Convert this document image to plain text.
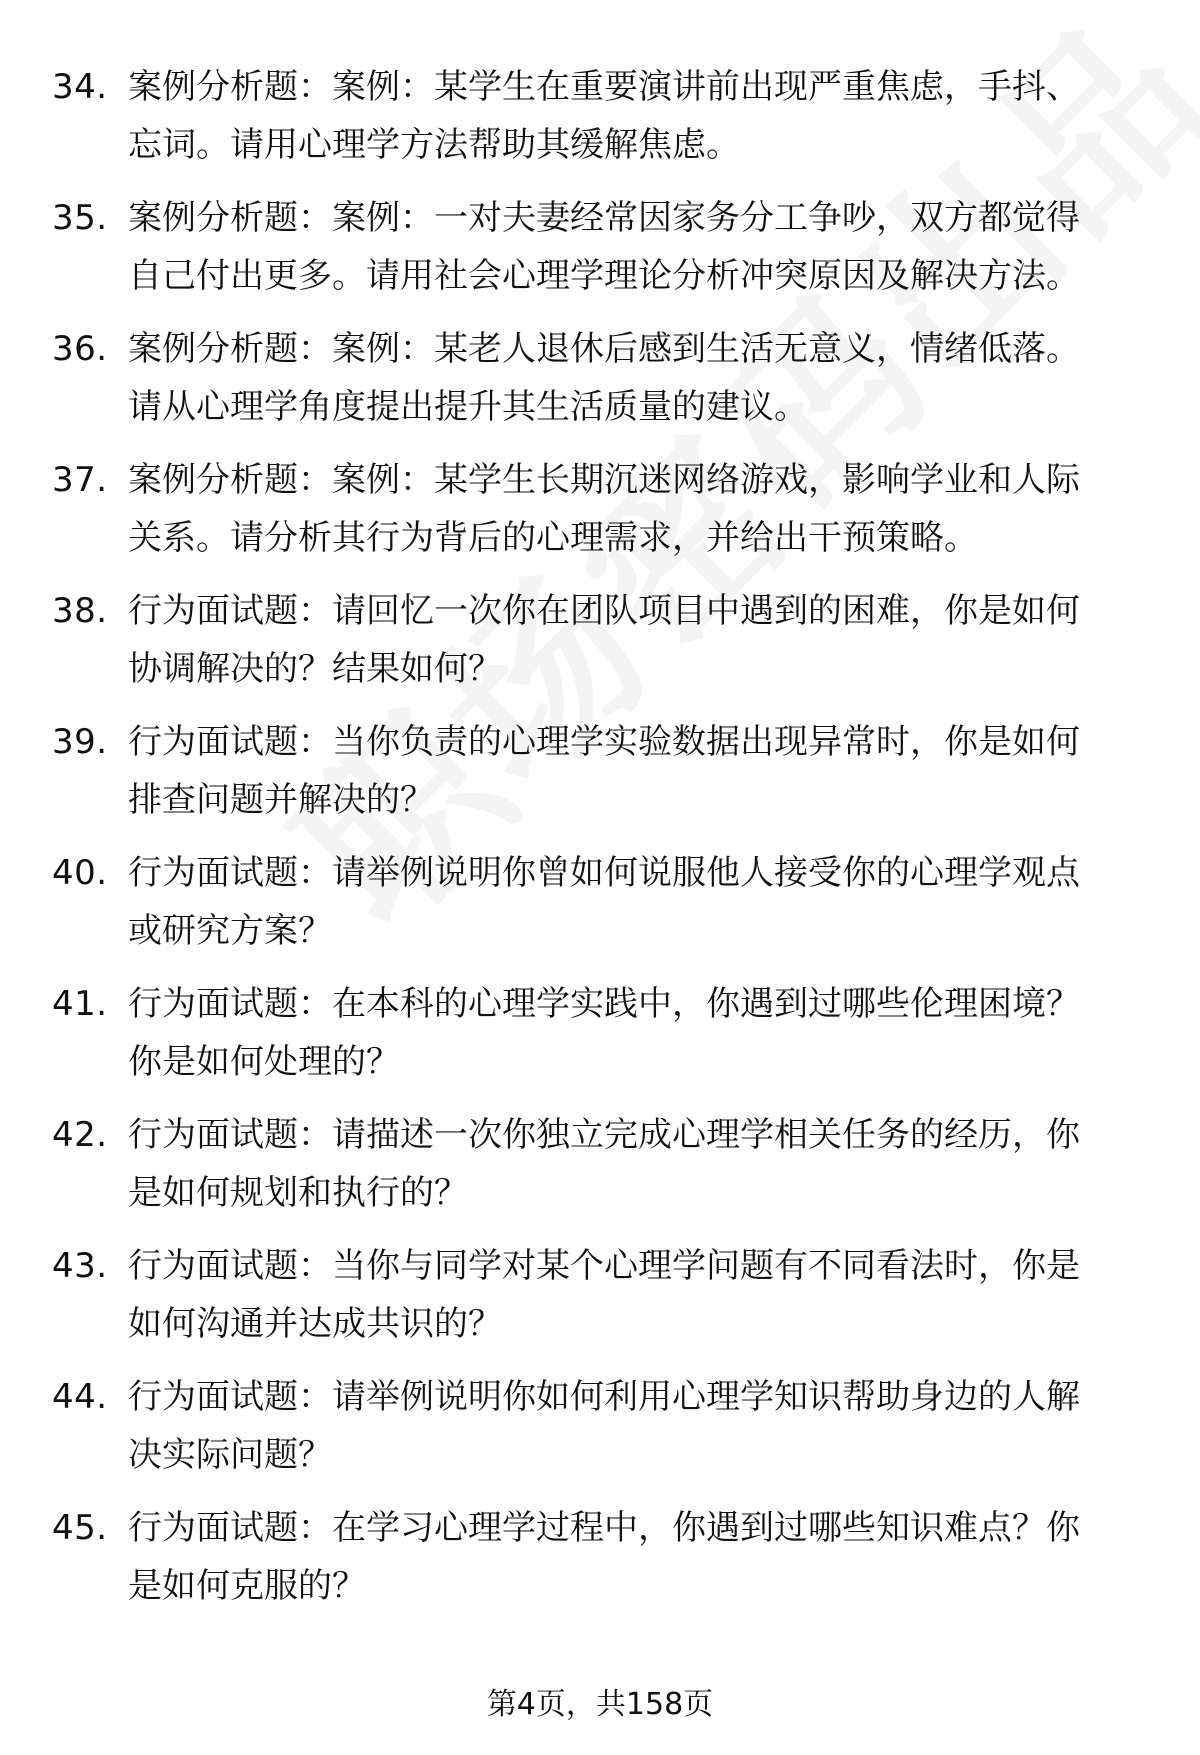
34. 案例分析题：案例：某学生在重要演讲前出现严重焦虑，手抖、
忘词。请用心理学方法帮助其缓解焦虑。
35. 案例分析题：案例：一对夫妻经常因家务分工争吵，双方都觉得
自己付出更多。请用社会心理学理论分析冲突原因及解决方法。
36. 案例分析题：案例：某老人退休后感到生活无意义，情绪低落。
请从心理学角度提出提升其生活质量的建议。
37. 案例分析题：案例：某学生长期沉迷网络游戏，影响学业和人际
关系。请分析其行为背后的心理需求，并给出干预策略。
38. 行为面试题：请回忆一次你在团队项目中遇到的困难，你是如何
协调解决的？结果如何？
39. 行为面试题：当你负责的心理学实验数据出现异常时，你是如何
排查问题并解决的？
40. 行为面试题：请举例说明你曾如何说服他人接受你的心理学观点
或研究方案？
41. 行为面试题：在本科的心理学实践中，你遇到过哪些伦理困境？
你是如何处理的？
42. 行为面试题：请描述一次你独立完成心理学相关任务的经历，你
是如何规划和执行的？
43. 行为面试题：当你与同学对某个心理学问题有不同看法时，你是
如何沟通并达成共识的？
44. 行为面试题：请举例说明你如何利用心理学知识帮助身边的人解
决实际问题？
45. 行为面试题：在学习心理学过程中，你遇到过哪些知识难点？你
是如何克服的？
第4页，共158页
